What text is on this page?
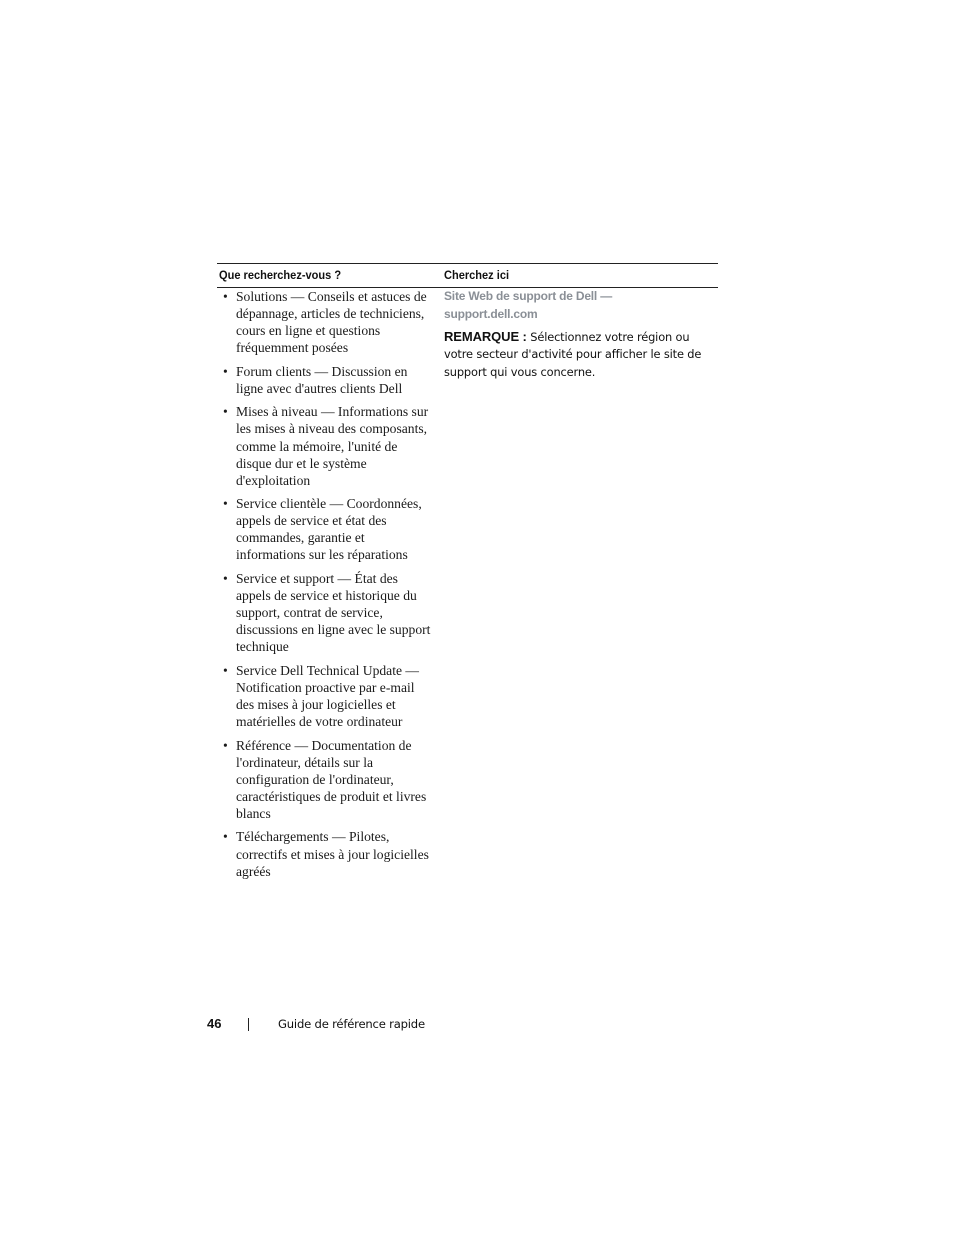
Que recherchez-vous ?	Cherchez ici
• Solutions — Conseils et astuces de dépannage, articles de techniciens, cours en ligne et questions fréquemment posées
• Forum clients — Discussion en ligne avec d'autres clients Dell
• Mises à niveau — Informations sur les mises à niveau des composants, comme la mémoire, l'unité de disque dur et le système d'exploitation
• Service clientèle — Coordonnées, appels de service et état des commandes, garantie et informations sur les réparations
• Service et support — État des appels de service et historique du support, contrat de service, discussions en ligne avec le support technique
• Service Dell Technical Update — Notification proactive par e-mail des mises à jour logicielles et matérielles de votre ordinateur
• Référence — Documentation de l'ordinateur, détails sur la configuration de l'ordinateur, caractéristiques de produit et livres blancs
• Téléchargements — Pilotes, correctifs et mises à jour logicielles agréés
Site Web de support de Dell —
support.dell.com
REMARQUE : Sélectionnez votre région ou votre secteur d'activité pour afficher le site de support qui vous concerne.
46	Guide de référence rapide
